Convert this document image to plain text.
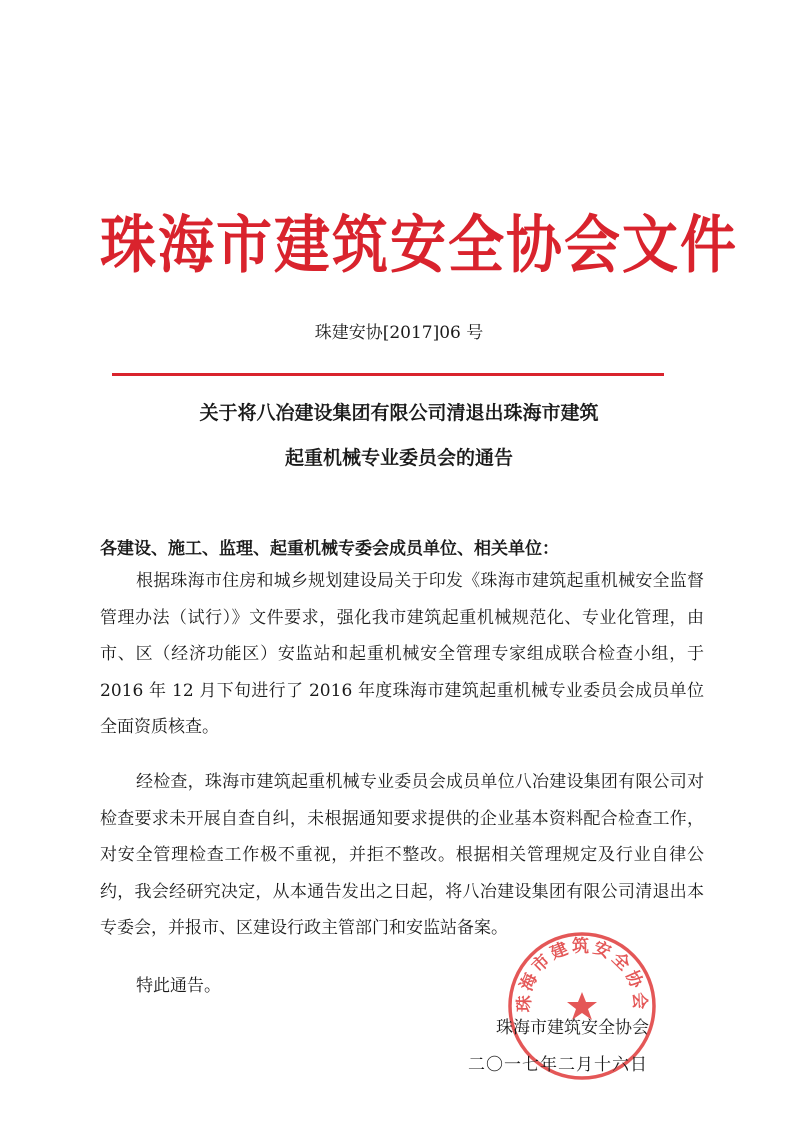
珠海市建筑安全协会文件
珠建安协[2017]06 号
关于将八冶建设集团有限公司清退出珠海市建筑
起重机械专业委员会的通告
各建设、施工、监理、起重机械专委会成员单位、相关单位：
根据珠海市住房和城乡规划建设局关于印发《珠海市建筑起重机械安全监督管理办法（试行）》文件要求，强化我市建筑起重机械规范化、专业化管理，由市、区（经济功能区）安监站和起重机械安全管理专家组成联合检查小组，于 2016 年 12 月下旬进行了 2016 年度珠海市建筑起重机械专业委员会成员单位全面资质核查。
经检查，珠海市建筑起重机械专业委员会成员单位八冶建设集团有限公司对检查要求未开展自查自纠，未根据通知要求提供的企业基本资料配合检查工作，对安全管理检查工作极不重视，并拒不整改。根据相关管理规定及行业自律公约，我会经研究决定，从本通告发出之日起，将八冶建设集团有限公司清退出本专委会，并报市、区建设行政主管部门和安监站备案。
特此通告。
珠海市建筑安全协会
珠海市建筑安全协会
二〇一七年二月十六日
